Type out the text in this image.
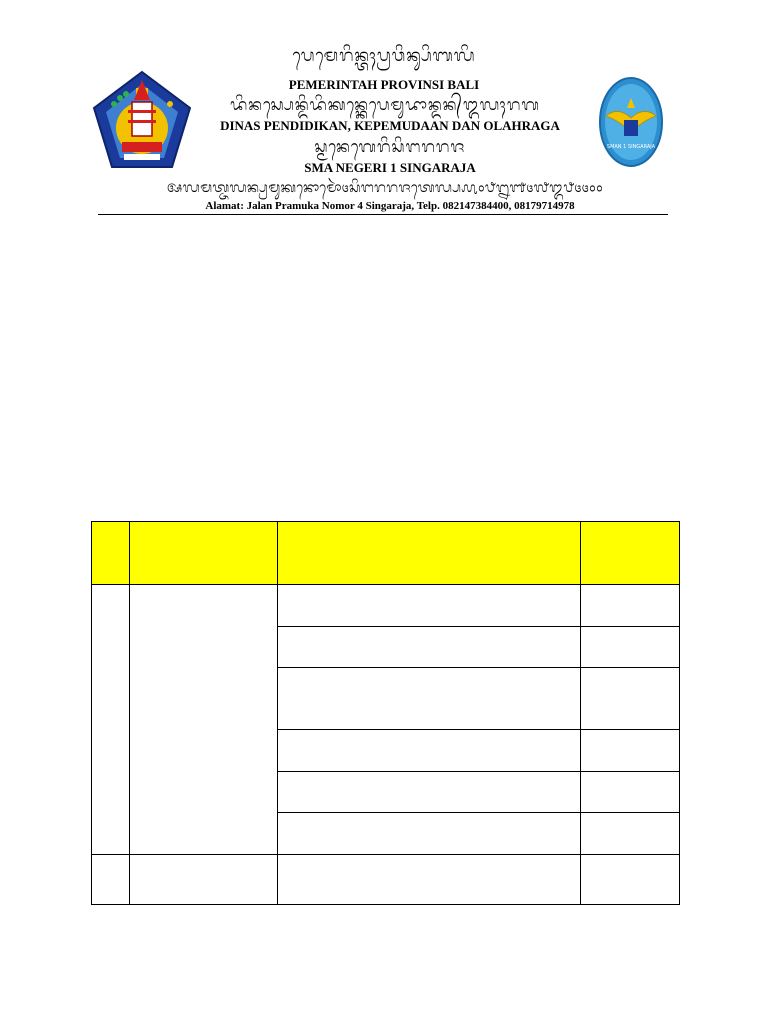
ᬧᬾᬫᬾᬭᬶᬦ᭄ᬢᬄᬧ᭄ᬭᬯᬶᬦ᭄ᬲᬶᬩᬮᬶ
PEMERINTAH PROVINSI BALI
ᬤᬶᬦᬲ᭄ᬧᬾᬦ᭄ᬤᬶᬤᬶᬓᬦ᭄ᬓᬾᬧᬾᬫᬸᬤᬵᬦ᭄ᬤᬦ᭄ᬑᬮᬄᬭᬕ
DINAS PENDIDIKAN, KEPEMUDAAN DAN OLAHRAGA
ᬲ᭄ᬫᬦᬾᬕᬾᬭᬶᬲᬶᬗᬭᬭᬚ
SMA NEGERI 1 SINGARAJA
ᬅᬮᬫᬢ᭄ᬚᬮᬦ᭄ᬧ᭄ᬭᬫᬸᬓᬦᭀᬫᭀᬃ᭔ᬲᬶᬗᬭᬭᬚᬢᬾᬮ᭄ᬧ᭚᭐᭘᭒᭑᭔᭗᭓᭘᭔᭔᭐᭐
Alamat: Jalan Pramuka Nomor 4 Singaraja, Telp. 082147384400, 08179714978
SMAN 1 SINGARAJA
